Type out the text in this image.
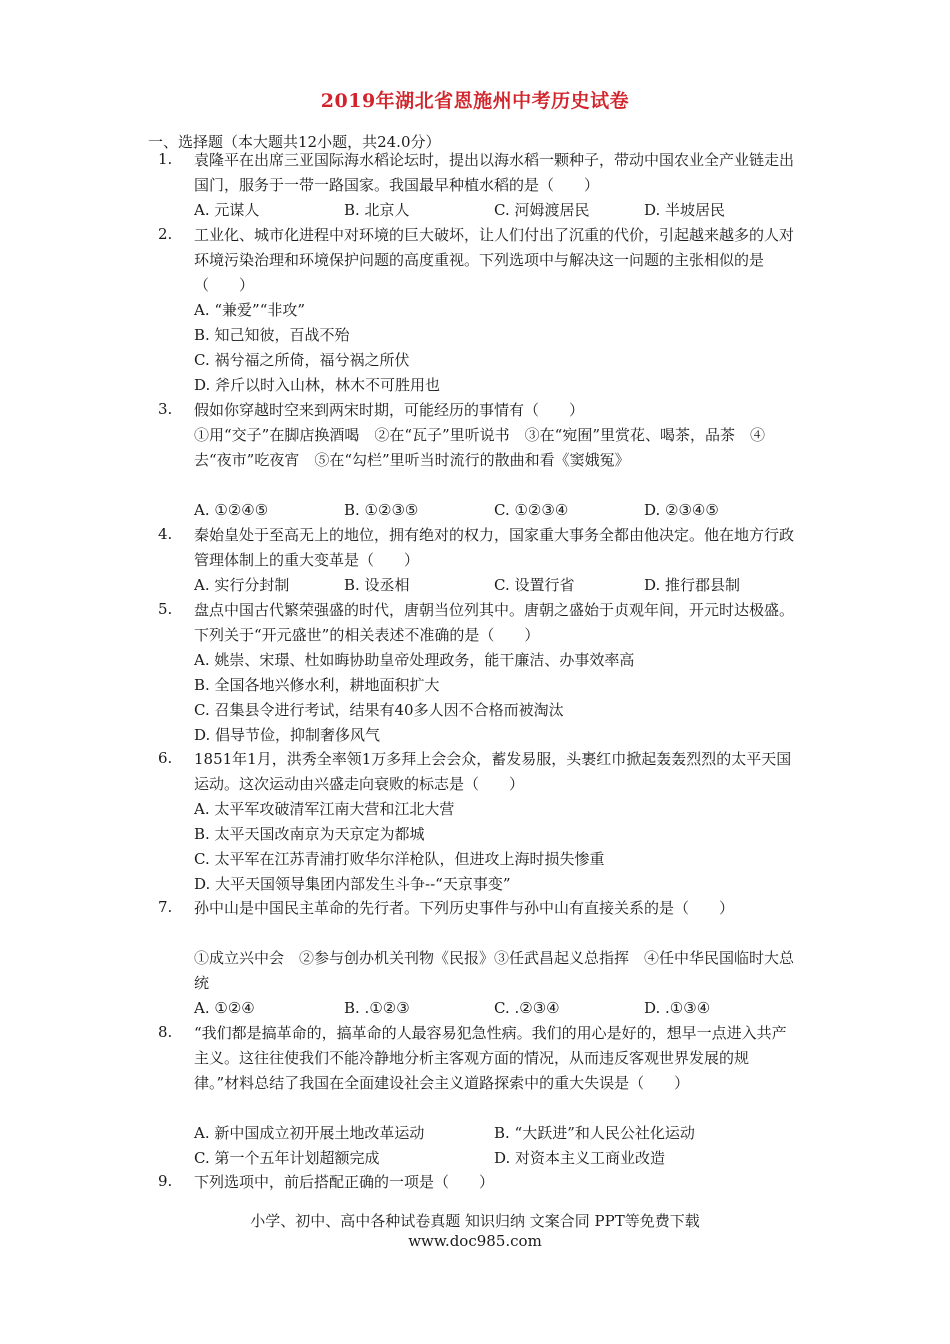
2019年湖北省恩施州中考历史试卷
一、选择题（本大题共12小题，共24.0分）
1.	袁隆平在出席三亚国际海水稻论坛时，提出以海水稻一颗种子，带动中国农业全产业链走出国门，服务于一带一路国家。我国最早种植水稻的是（　　）
A. 元谋人	B. 北京人	C. 河姆渡居民	D. 半坡居民
2.	工业化、城市化进程中对环境的巨大破坏，让人们付出了沉重的代价，引起越来越多的人对环境污染治理和环境保护问题的高度重视。下列选项中与解决这一问题的主张相似的是（　　）
A. “兼爱”“非攻”
B. 知己知彼，百战不殆
C. 祸兮福之所倚，福兮祸之所伏
D. 斧斤以时入山林，林木不可胜用也
3.	假如你穿越时空来到两宋时期，可能经历的事情有（　　）
①用“交子”在脚店换酒喝　②在“瓦子”里听说书　③在“宛囿”里赏花、喝茶，品茶　④去“夜市”吃夜宵　⑤在“勾栏”里听当时流行的散曲和看《窦娥冤》
A. ①②④⑤	B. ①②③⑤	C. ①②③④	D. ②③④⑤
4.	秦始皇处于至高无上的地位，拥有绝对的权力，国家重大事务全都由他决定。他在地方行政管理体制上的重大变革是（　　）
A. 实行分封制	B. 设丞相	C. 设置行省	D. 推行郡县制
5.	盘点中国古代繁荣强盛的时代，唐朝当位列其中。唐朝之盛始于贞观年间，开元时达极盛。下列关于“开元盛世”的相关表述不准确的是（　　）
A. 姚崇、宋璟、杜如晦协助皇帝处理政务，能干廉洁、办事效率高
B. 全国各地兴修水利，耕地面积扩大
C. 召集县令进行考试，结果有40多人因不合格而被淘汰
D. 倡导节俭，抑制奢侈风气
6.	1851年1月，洪秀全率领1万多拜上会会众，蓄发易服，头裹红巾掀起轰轰烈烈的太平天国运动。这次运动由兴盛走向衰败的标志是（　　）
A. 太平军攻破清军江南大营和江北大营
B. 太平天国改南京为天京定为都城
C. 太平军在江苏青浦打败华尔洋枪队，但进攻上海时损失惨重
D. 大平天国领导集团内部发生斗争--“天京事变”
7.	孙中山是中国民主革命的先行者。下列历史事件与孙中山有直接关系的是（　　）
①成立兴中会　②参与创办机关刊物《民报》③任武昌起义总指挥　④任中华民国临时大总统
A. ①②④	B. .①②③	C. .②③④	D. .①③④
8.	“我们都是搞革命的，搞革命的人最容易犯急性病。我们的用心是好的，想早一点进入共产主义。这往往使我们不能冷静地分析主客观方面的情况，从而违反客观世界发展的规律。”材料总结了我国在全面建设社会主义道路探索中的重大失误是（　　）
A. 新中国成立初开展土地改革运动	B. “大跃进”和人民公社化运动
C. 第一个五年计划超额完成	D. 对资本主义工商业改造
9.	下列选项中，前后搭配正确的一项是（　　）
小学、初中、高中各种试卷真题 知识归纳 文案合同 PPT等免费下载
www.doc985.com
